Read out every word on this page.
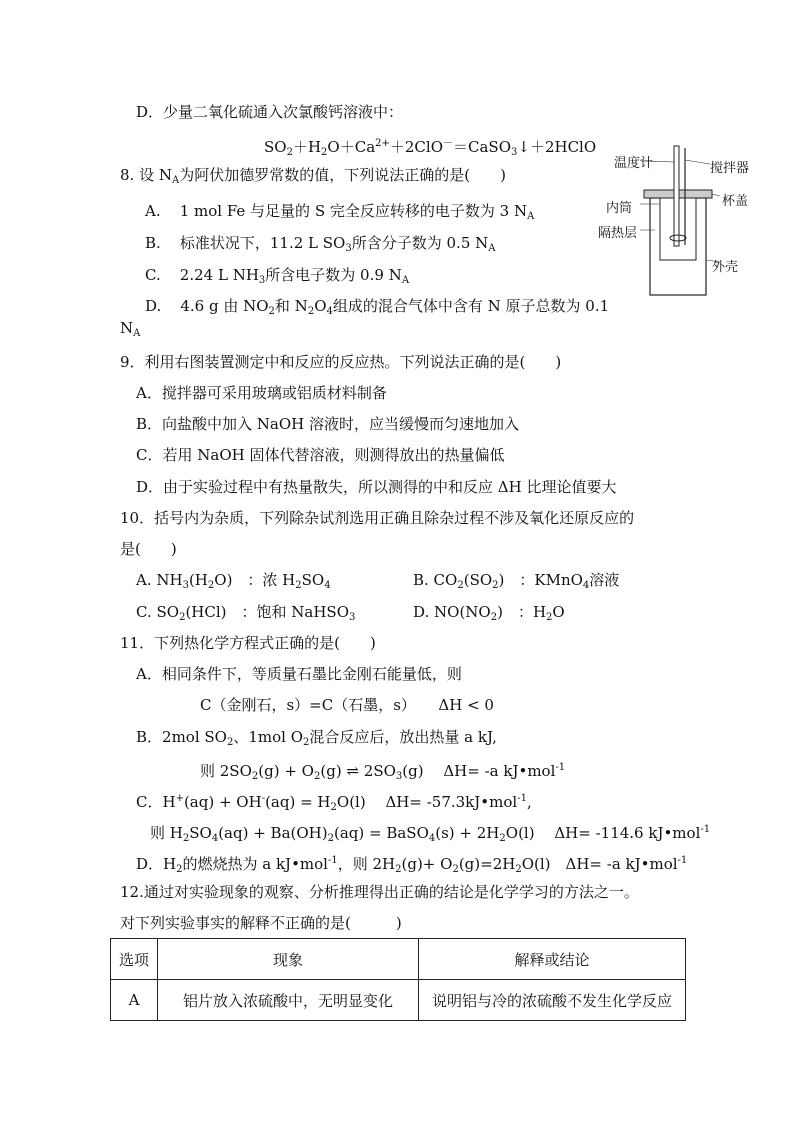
D．少量二氧化硫通入次氯酸钙溶液中：
$SO_2+H_2O+Ca^{2+}+2ClO^-=CaSO_3↓+2HClO$
8. 设 $N_A$为阿伏加德罗常数的值，下列说法正确的是(　　)
A. 1 mol Fe 与足量的 S 完全反应转移的电子数为 3 $N_A$
B. 标准状况下，11.2 L $SO_3$所含分子数为 0.5 $N_A$
C. 2.24 L $NH_3$所含电子数为 0.9 $N_A$
D. 4.6 g 由 $NO_2$和 $N_2O_4$组成的混合气体中含有 N 原子总数为 0.1
$N_A$
温度计	搅拌器
杯盖
内筒
隔热层
外壳
9．利用右图装置测定中和反应的反应热。下列说法正确的是(　　)
A．搅拌器可采用玻璃或铝质材料制备
B．向盐酸中加入 NaOH 溶液时，应当缓慢而匀速地加入
C．若用 NaOH 固体代替溶液，则测得放出的热量偏低
D．由于实验过程中有热量散失，所以测得的中和反应 ΔH 比理论值要大
10．括号内为杂质，下列除杂试剂选用正确且除杂过程不涉及氧化还原反应的
是(　　)
A. $NH_3(H_2O)$　：浓 $H_2SO_4$	B. $CO_2(SO_2)$　：KMnO$_4$溶液
C. $SO_2(HCl)$　：饱和 NaHSO$_3$	D. $NO(NO_2)$　：$H_2O$
11．下列热化学方程式正确的是(　　)
A．相同条件下，等质量石墨比金刚石能量低，则
C（金刚石，s）=C（石墨，s）　　ΔH < 0
B．2mol $SO_2$、1mol $O_2$混合反应后，放出热量 a kJ,
则 $2SO_2(g) + O_2(g)$ ⇌ $2SO_3(g)$　 ΔH= -a kJ•mol$^{-1}$
C．$H^+(aq) + OH^-(aq) = H_2O(l)$　 ΔH= -57.3kJ•mol$^{-1}$,
则 $H_2SO_4(aq) + Ba(OH)_2(aq)$ = BaSO$_4$(s) + $2H_2O(l)$　 ΔH= -114.6 kJ•mol$^{-1}$
D．$H_2$的燃烧热为 a kJ•mol$^{-1}$，则 $2H_2(g)+ O_2(g)=2H_2O(l)$　ΔH= -a kJ•mol$^{-1}$
12.通过对实验现象的观察、分析推理得出正确的结论是化学学习的方法之一。
对下列实验事实的解释不正确的是(　　　)
选项	现象	解释或结论
A	铝片放入浓硫酸中，无明显变化	说明铝与冷的浓硫酸不发生化学反应
